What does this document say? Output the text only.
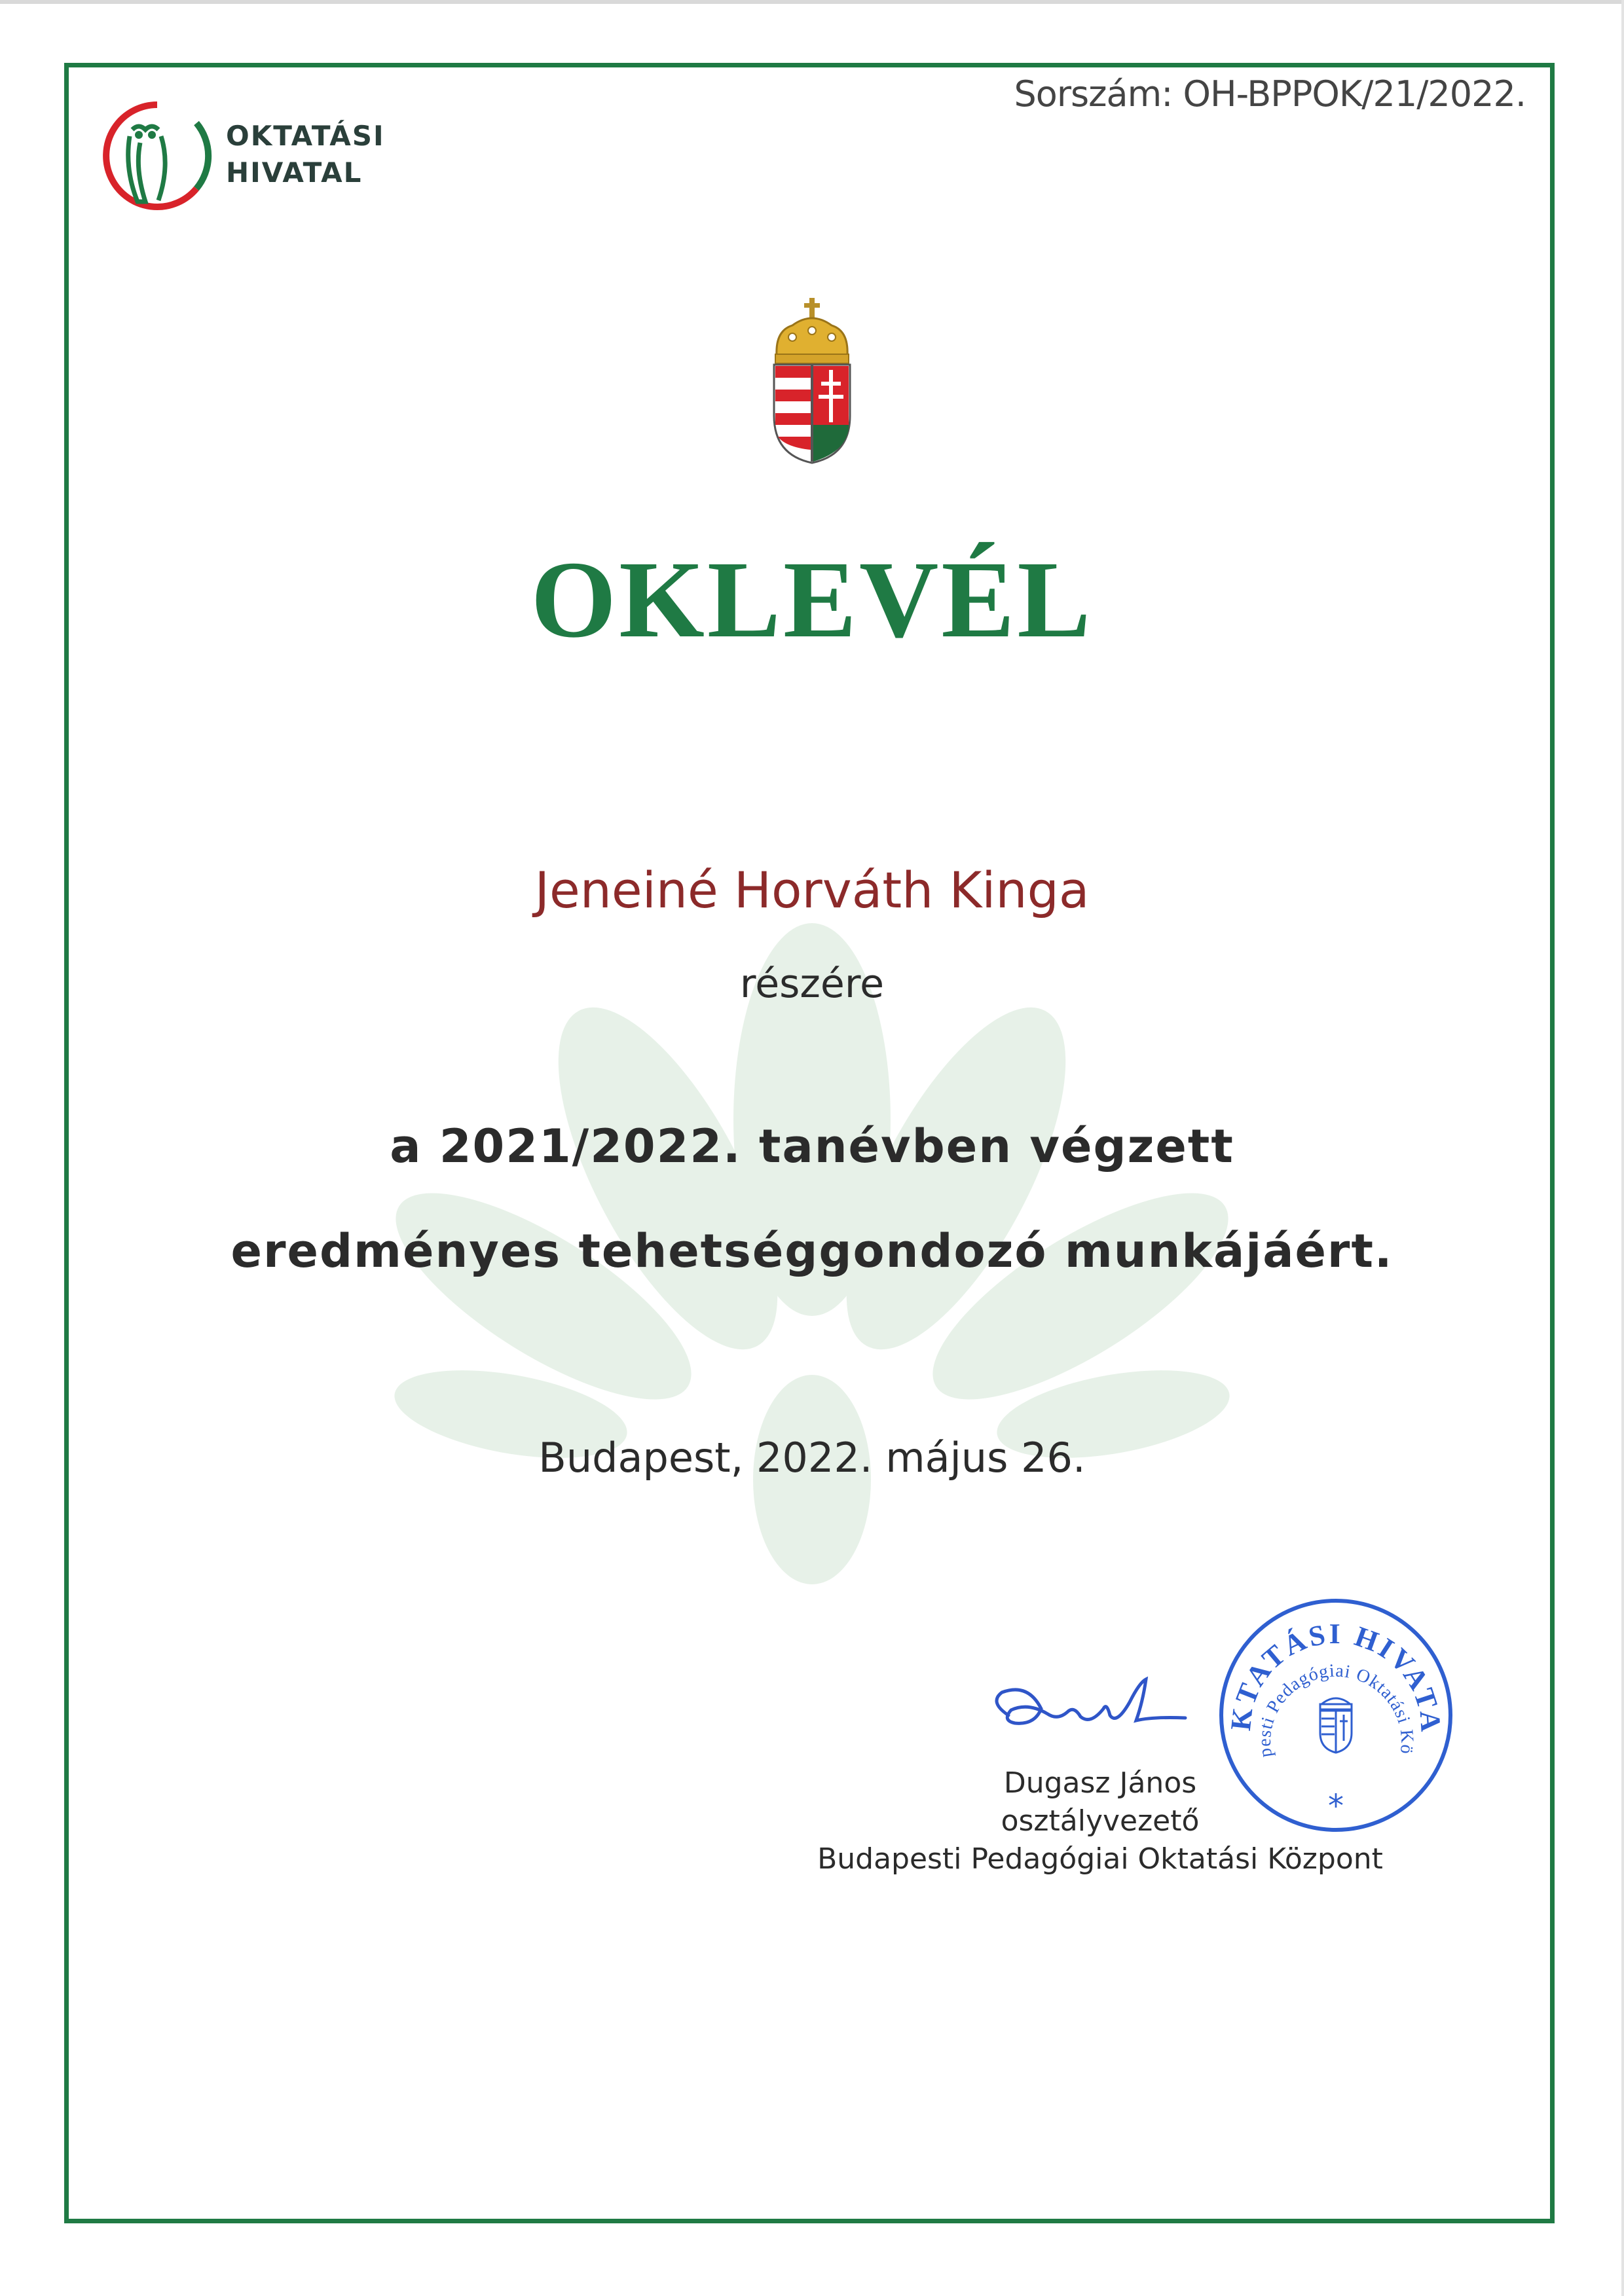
Sorszám: OH-BPPOK/21/2022.
OKTATÁSI
HIVATAL
OKLEVÉL
Jeneiné Horváth Kinga
részére
a 2021/2022. tanévben végzett
eredményes tehetséggondozó munkájáért.
Budapest, 2022. május 26.
KTATÁSI HIVATA
pesti Pedagógiai Oktatási Kö
*
Dugasz János
osztályvezető
Budapesti Pedagógiai Oktatási Központ
